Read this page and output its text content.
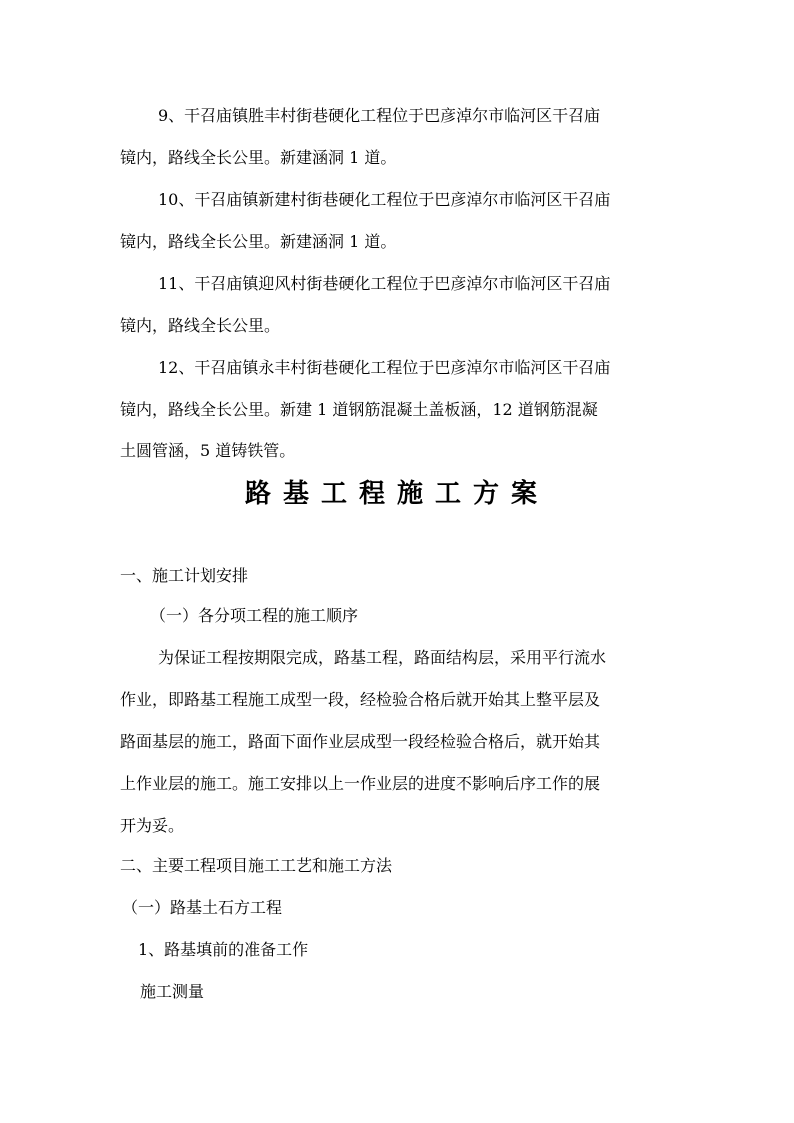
9、干召庙镇胜丰村街巷硬化工程位于巴彦淖尔市临河区干召庙
镜内，路线全长公里。新建涵洞 1 道。
10、干召庙镇新建村街巷硬化工程位于巴彦淖尔市临河区干召庙
镜内，路线全长公里。新建涵洞 1 道。
11、干召庙镇迎风村街巷硬化工程位于巴彦淖尔市临河区干召庙
镜内，路线全长公里。
12、干召庙镇永丰村街巷硬化工程位于巴彦淖尔市临河区干召庙
镜内，路线全长公里。新建 1 道钢筋混凝土盖板涵，12 道钢筋混凝
土圆管涵，5 道铸铁管。
路基工程施工方案
一、施工计划安排
（一）各分项工程的施工顺序
为保证工程按期限完成，路基工程，路面结构层，采用平行流水
作业，即路基工程施工成型一段，经检验合格后就开始其上整平层及
路面基层的施工，路面下面作业层成型一段经检验合格后，就开始其
上作业层的施工。施工安排以上一作业层的进度不影响后序工作的展
开为妥。
二、主要工程项目施工工艺和施工方法
（一）路基土石方工程
1、路基填前的准备工作
施工测量
